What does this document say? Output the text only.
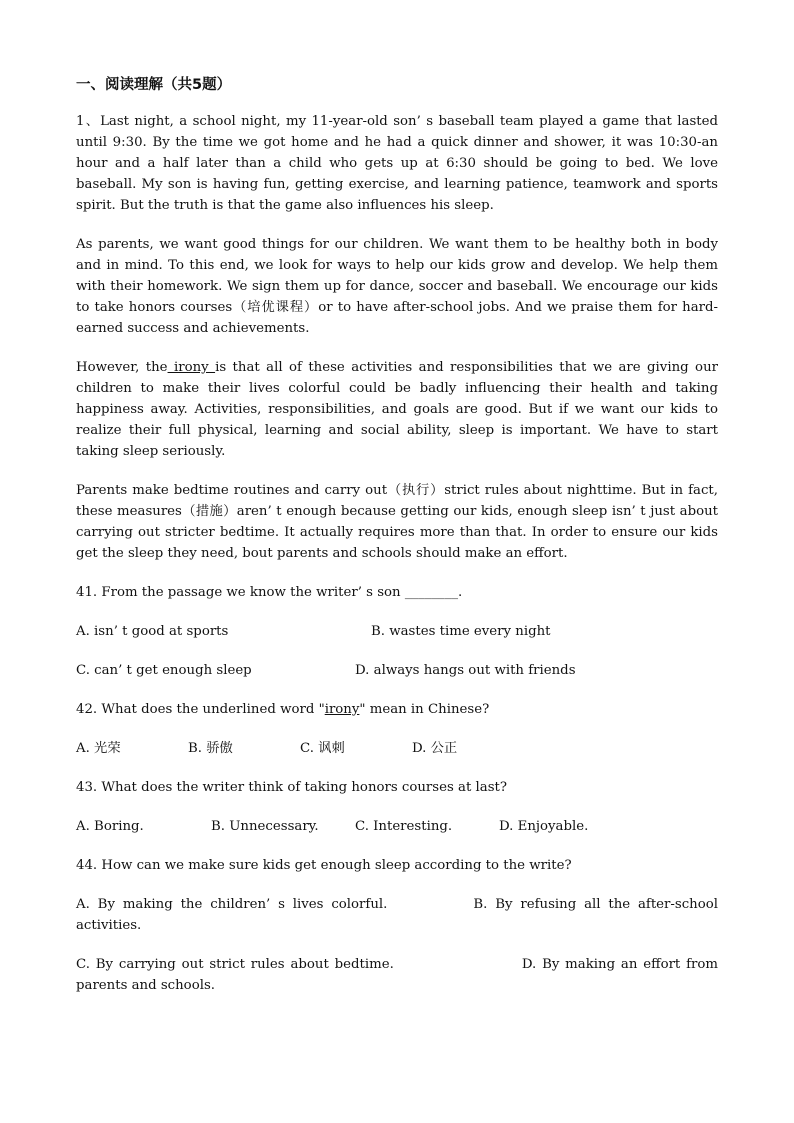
一、阅读理解（共5题）

1、Last night, a school night, my 11-year-old son’ s baseball team played a game that lasted until 9:30. By the time we got home and he had a quick dinner and shower, it was 10:30-an hour and a half later than a child who gets up at 6:30 should be going to bed. We love baseball. My son is having fun, getting exercise, and learning patience, teamwork and sports spirit. But the truth is that the game also influences his sleep.

As parents, we want good things for our children. We want them to be healthy both in body and in mind. To this end, we look for ways to help our kids grow and develop. We help them with their homework. We sign them up for dance, soccer and baseball. We encourage our kids to take honors courses（培优课程）or to have after-school jobs. And we praise them for hard-earned success and achievements.

However, the irony is that all of these activities and responsibilities that we are giving our children to make their lives colorful could be badly influencing their health and taking happiness away. Activities, responsibilities, and goals are good. But if we want our kids to realize their full physical, learning and social ability, sleep is important. We have to start taking sleep seriously.

Parents make bedtime routines and carry out（执行）strict rules about nighttime. But in fact, these measures（措施）aren’ t enough because getting our kids, enough sleep isn’ t just about carrying out stricter bedtime. It actually requires more than that. In order to ensure our kids get the sleep they need, bout parents and schools should make an effort.

41. From the passage we know the writer’ s son ________.
A. isn’ t good at sports	B. wastes time every night
C. can’ t get enough sleep	D. always hangs out with friends
42. What does the underlined word "irony" mean in Chinese?
A. 光荣	B. 骄傲	C. 讽刺	D. 公正
43. What does the writer think of taking honors courses at last?
A. Boring.	B. Unnecessary.	C. Interesting.	D. Enjoyable.
44. How can we make sure kids get enough sleep according to the write?

A. By making the children’ s lives colorful.	B. By refusing all the after-school activities.

C. By carrying out strict rules about bedtime.	D. By making an effort from parents and schools.
